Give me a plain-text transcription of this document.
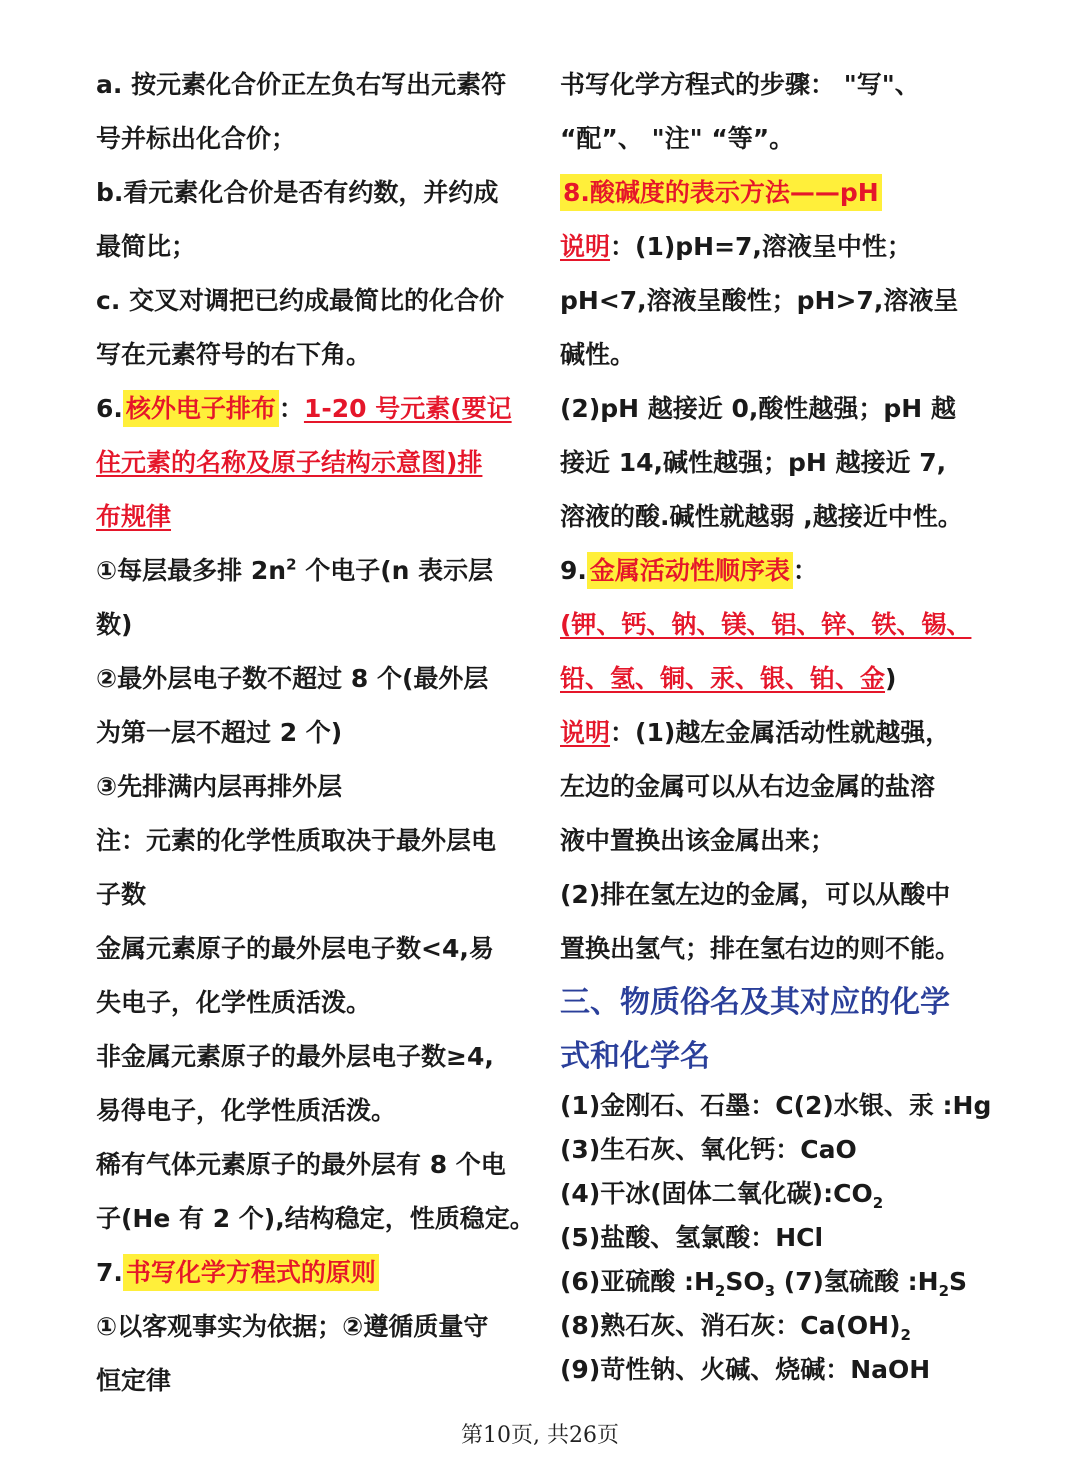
a. 按元素化合价正左负右写出元素符
号并标出化合价；
b.看元素化合价是否有约数，并约成
最简比；
c. 交叉对调把已约成最简比的化合价
写在元素符号的右下角。
6. 核外电子排布 ：1-20 号元素(要记
住元素的名称及原子结构示意图)排
布规律
①每层最多排 $2n^2$ 个电子(n 表示层
数)
②最外层电子数不超过 8 个(最外层
为第一层不超过 2 个)
③先排满内层再排外层
注：元素的化学性质取决于最外层电
子数
金属元素原子的最外层电子数<4,易
失电子，化学性质活泼。
非金属元素原子的最外层电子数≥4,
易得电子，化学性质活泼。
稀有气体元素原子的最外层有 8 个电
子(He 有 2 个),结构稳定，性质稳定。
7. 书写化学方程式的原则
①以客观事实为依据；②遵循质量守
恒定律
书写化学方程式的步骤： "写"、
“配”、 "注" “等”。
8.酸碱度的表示方法——pH
说明：(1)pH=7,溶液呈中性；
pH<7,溶液呈酸性；pH>7,溶液呈
碱性。
(2)pH 越接近 0,酸性越强；pH 越
接近 14,碱性越强；pH 越接近 7,
溶液的酸.碱性就越弱 ,越接近中性。
9. 金属活动性顺序表 ：
(钾、钙、钠、镁、铝、锌、铁、锡、
铅、氢、铜、汞、银、铂、金)
说明：(1)越左金属活动性就越强，
左边的金属可以从右边金属的盐溶
液中置换出该金属出来；
(2)排在氢左边的金属，可以从酸中
置换出氢气；排在氢右边的则不能。
三、物质俗名及其对应的化学
式和化学名
(1)金刚石、石墨：C(2)水银、汞 :Hg
(3)生石灰、氧化钙：CaO
(4)干冰(固体二氧化碳)$:CO_2$
(5)盐酸、氢氯酸：HCl
(6)亚硫酸 $:H_2SO_3$ (7)氢硫酸 $:H_2S$
(8)熟石灰、消石灰：$Ca(OH)_2$
(9)苛性钠、火碱、烧碱：NaOH
第10页, 共26页
